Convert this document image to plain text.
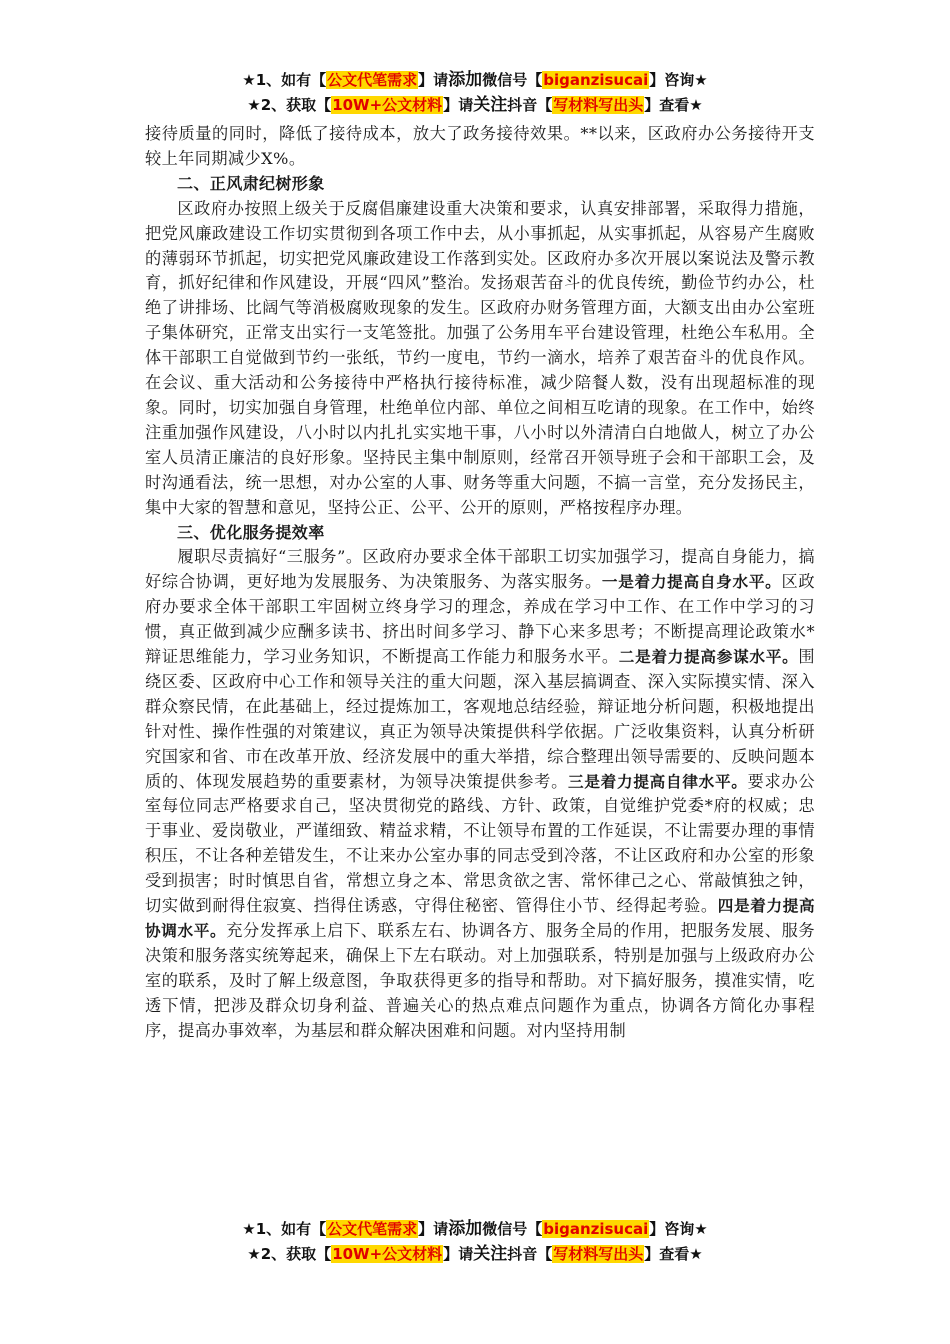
★1、如有【公文代笔需求】请添加微信号【biganzisucai】咨询★
★2、获取【10W+公文材料】请关注抖音【写材料写出头】查看★

接待质量的同时，降低了接待成本，放大了政务接待效果。**以来，区政府办公务接待开支较上年同期减少X%。

二、正风肃纪树形象

区政府办按照上级关于反腐倡廉建设重大决策和要求，认真安排部署，采取得力措施，把党风廉政建设工作切实贯彻到各项工作中去，从小事抓起，从实事抓起，从容易产生腐败的薄弱环节抓起，切实把党风廉政建设工作落到实处。区政府办多次开展以案说法及警示教育，抓好纪律和作风建设，开展“四风”整治。发扬艰苦奋斗的优良传统，勤俭节约办公，杜绝了讲排场、比阔气等消极腐败现象的发生。区政府办财务管理方面，大额支出由办公室班子集体研究，正常支出实行一支笔签批。加强了公务用车平台建设管理，杜绝公车私用。全体干部职工自觉做到节约一张纸，节约一度电，节约一滴水，培养了艰苦奋斗的优良作风。在会议、重大活动和公务接待中严格执行接待标准，减少陪餐人数，没有出现超标准的现象。同时，切实加强自身管理，杜绝单位内部、单位之间相互吃请的现象。在工作中，始终注重加强作风建设，八小时以内扎扎实实地干事，八小时以外清清白白地做人，树立了办公室人员清正廉洁的良好形象。坚持民主集中制原则，经常召开领导班子会和干部职工会，及时沟通看法，统一思想，对办公室的人事、财务等重大问题，不搞一言堂，充分发扬民主，集中大家的智慧和意见，坚持公正、公平、公开的原则，严格按程序办理。

三、优化服务提效率

履职尽责搞好“三服务”。区政府办要求全体干部职工切实加强学习，提高自身能力，搞好综合协调，更好地为发展服务、为决策服务、为落实服务。一是着力提高自身水平。区政府办要求全体干部职工牢固树立终身学习的理念，养成在学习中工作、在工作中学习的习惯，真正做到减少应酬多读书、挤出时间多学习、静下心来多思考；不断提高理论政策水*辩证思维能力，学习业务知识，不断提高工作能力和服务水平。二是着力提高参谋水平。围绕区委、区政府中心工作和领导关注的重大问题，深入基层搞调查、深入实际摸实情、深入群众察民情，在此基础上，经过提炼加工，客观地总结经验，辩证地分析问题，积极地提出针对性、操作性强的对策建议，真正为领导决策提供科学依据。广泛收集资料，认真分析研究国家和省、市在改革开放、经济发展中的重大举措，综合整理出领导需要的、反映问题本质的、体现发展趋势的重要素材，为领导决策提供参考。三是着力提高自律水平。要求办公室每位同志严格要求自己，坚决贯彻党的路线、方针、政策，自觉维护党委*府的权威；忠于事业、爱岗敬业，严谨细致、精益求精，不让领导布置的工作延误，不让需要办理的事情积压，不让各种差错发生，不让来办公室办事的同志受到冷落，不让区政府和办公室的形象受到损害；时时慎思自省，常想立身之本、常思贪欲之害、常怀律己之心、常敲慎独之钟，切实做到耐得住寂寞、挡得住诱惑，守得住秘密、管得住小节、经得起考验。四是着力提高协调水平。充分发挥承上启下、联系左右、协调各方、服务全局的作用，把服务发展、服务决策和服务落实统筹起来，确保上下左右联动。对上加强联系，特别是加强与上级政府办公室的联系，及时了解上级意图，争取获得更多的指导和帮助。对下搞好服务，摸准实情，吃透下情，把涉及群众切身利益、普遍关心的热点难点问题作为重点，协调各方简化办事程序，提高办事效率，为基层和群众解决困难和问题。对内坚持用制

★1、如有【公文代笔需求】请添加微信号【biganzisucai】咨询★
★2、获取【10W+公文材料】请关注抖音【写材料写出头】查看★
